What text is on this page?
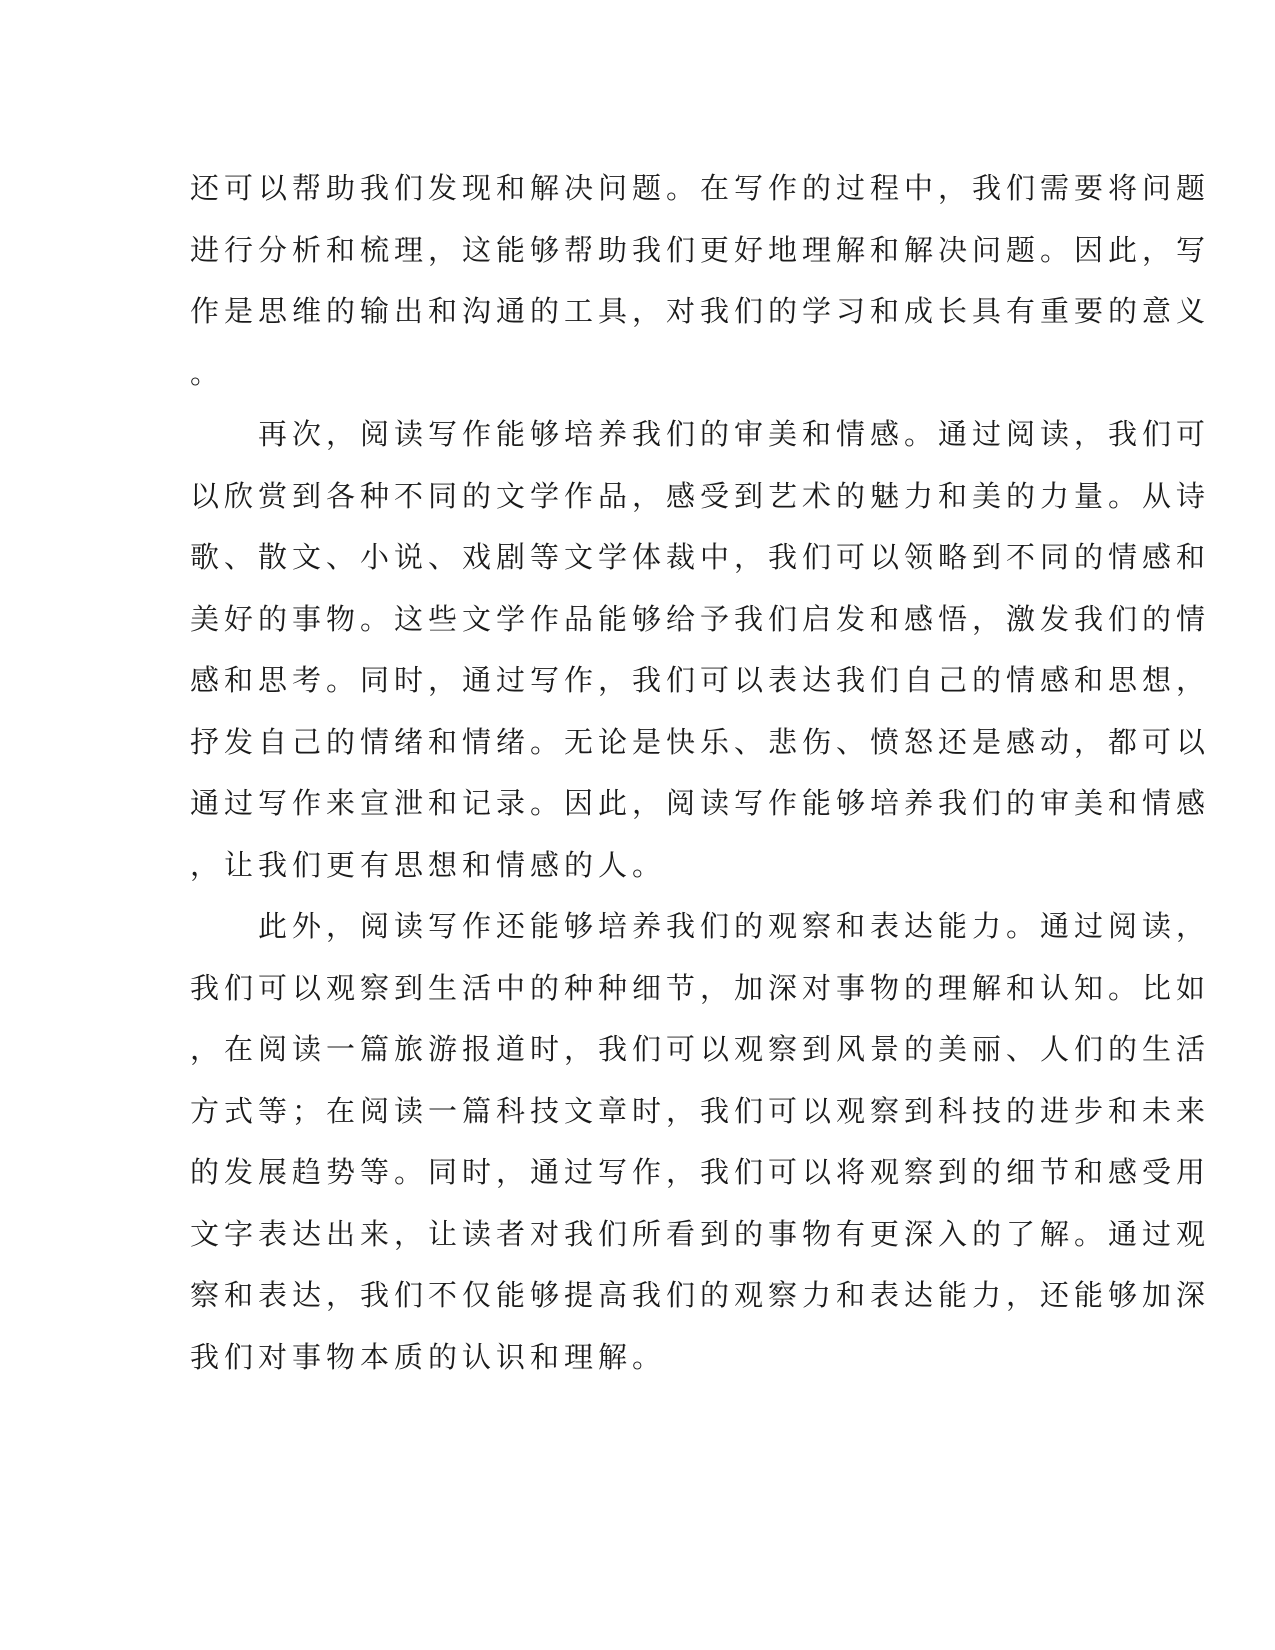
还可以帮助我们发现和解决问题。在写作的过程中，我们需要将问题
进行分析和梳理，这能够帮助我们更好地理解和解决问题。因此，写
作是思维的输出和沟通的工具，对我们的学习和成长具有重要的意义
。
再次，阅读写作能够培养我们的审美和情感。通过阅读，我们可
以欣赏到各种不同的文学作品，感受到艺术的魅力和美的力量。从诗
歌、散文、小说、戏剧等文学体裁中，我们可以领略到不同的情感和
美好的事物。这些文学作品能够给予我们启发和感悟，激发我们的情
感和思考。同时，通过写作，我们可以表达我们自己的情感和思想，
抒发自己的情绪和情绪。无论是快乐、悲伤、愤怒还是感动，都可以
通过写作来宣泄和记录。因此，阅读写作能够培养我们的审美和情感
，让我们更有思想和情感的人。
此外，阅读写作还能够培养我们的观察和表达能力。通过阅读，
我们可以观察到生活中的种种细节，加深对事物的理解和认知。比如
，在阅读一篇旅游报道时，我们可以观察到风景的美丽、人们的生活
方式等；在阅读一篇科技文章时，我们可以观察到科技的进步和未来
的发展趋势等。同时，通过写作，我们可以将观察到的细节和感受用
文字表达出来，让读者对我们所看到的事物有更深入的了解。通过观
察和表达，我们不仅能够提高我们的观察力和表达能力，还能够加深
我们对事物本质的认识和理解。
